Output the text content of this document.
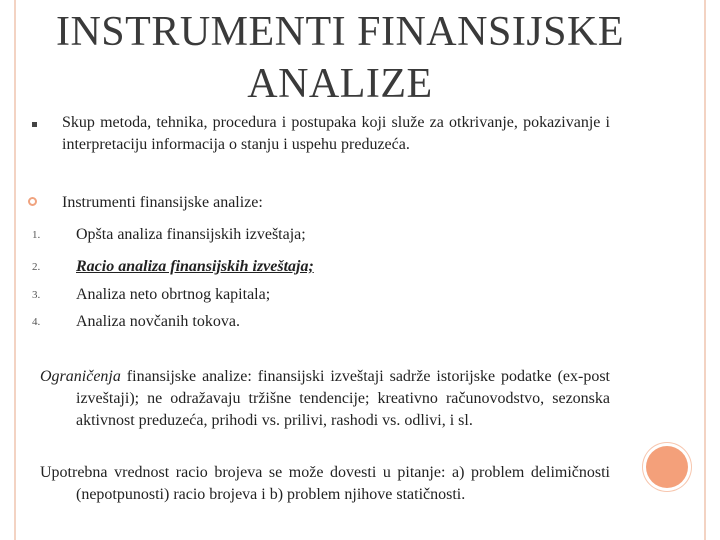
INSTRUMENTI FINANSIJSKE ANALIZE
Skup metoda, tehnika, procedura i postupaka koji služe za otkrivanje, pokazivanje i interpretaciju informacija o stanju i uspehu preduzeća.
Instrumenti finansijske analize:
1.	Opšta analiza finansijskih izveštaja;
2.	Racio analiza finansijskih izveštaja;
3.	Analiza neto obrtnog kapitala;
4.	Analiza novčanih tokova.
Ograničenja finansijske analize: finansijski izveštaji sadrže istorijske podatke (ex-post izveštaji); ne odražavaju tržišne tendencije; kreativno računovodstvo, sezonska aktivnost preduzeća, prihodi vs. prilivi, rashodi vs. odlivi, i sl.
Upotrebna vrednost racio brojeva se može dovesti u pitanje: a) problem delimičnosti (nepotpunosti) racio brojeva i b) problem njihove statičnosti.
